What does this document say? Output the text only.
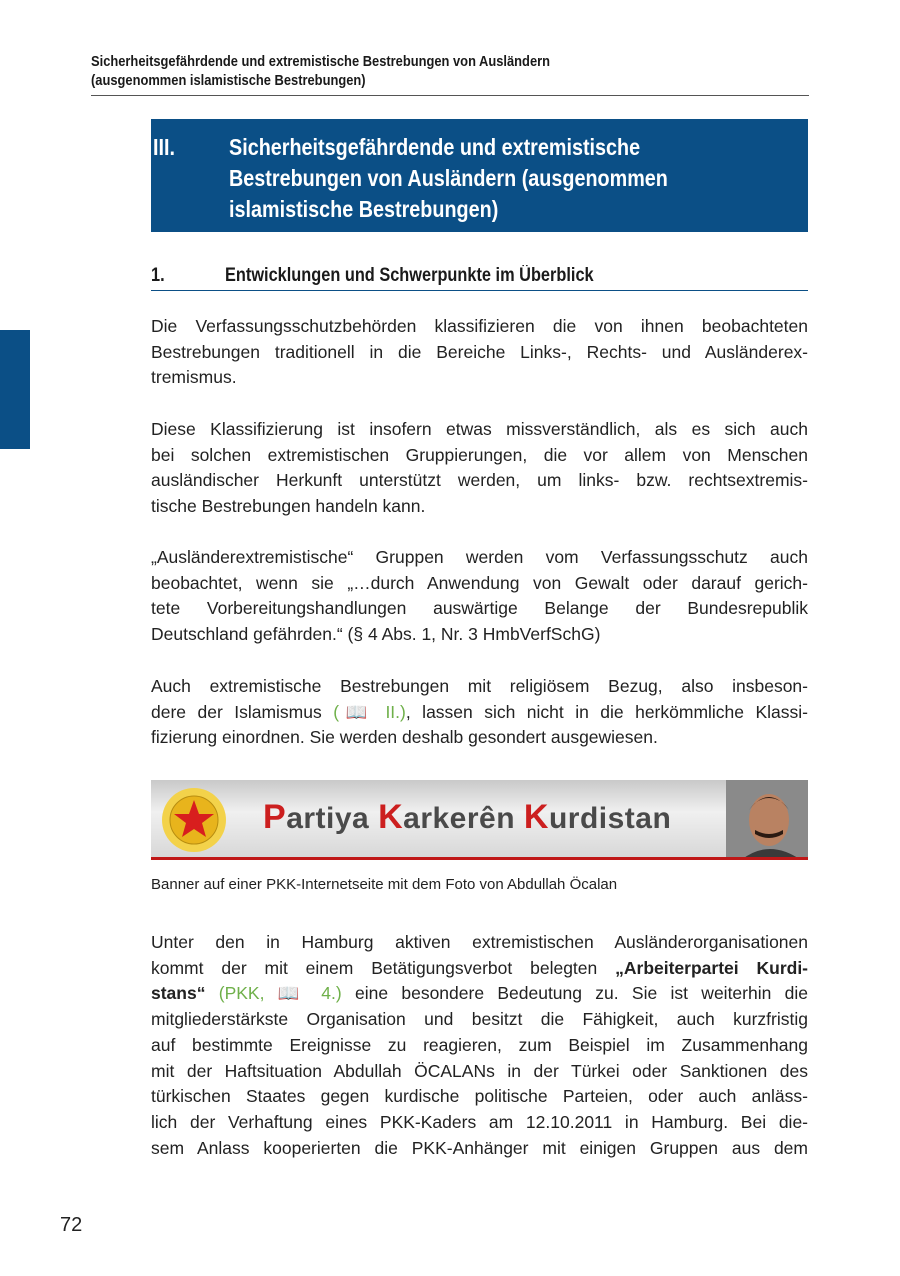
Sicherheitsgefährdende und extremistische Bestrebungen von Ausländern
(ausgenommen islamistische Bestrebungen)
III. Sicherheitsgefährdende und extremistische
Bestrebungen von Ausländern (ausgenommen
islamistische Bestrebungen)
1.	Entwicklungen und Schwerpunkte im Überblick
Die Verfassungsschutzbehörden klassifizieren die von ihnen beobachteten
Bestrebungen traditionell in die Bereiche Links-, Rechts- und Ausländerex-
tremismus.
Diese Klassifizierung ist insofern etwas missverständlich, als es sich auch
bei solchen extremistischen Gruppierungen, die vor allem von Menschen
ausländischer Herkunft unterstützt werden, um links- bzw. rechtsextremis-
tische Bestrebungen handeln kann.
„Ausländerextremistische“ Gruppen werden vom Verfassungsschutz auch
beobachtet, wenn sie „…durch Anwendung von Gewalt oder darauf gerich-
tete Vorbereitungshandlungen auswärtige Belange der Bundesrepublik
Deutschland gefährden.“ (§ 4 Abs. 1, Nr. 3 HmbVerfSchG)
Auch extremistische Bestrebungen mit religiösem Bezug, also insbeson-
dere der Islamismus (📖 II.), lassen sich nicht in die herkömmliche Klassi-
fizierung einordnen. Sie werden deshalb gesondert ausgewiesen.
Partiya Karkerên Kurdistan
Banner auf einer PKK-Internetseite mit dem Foto von Abdullah Öcalan
Unter den in Hamburg aktiven extremistischen Ausländerorganisationen
kommt der mit einem Betätigungsverbot belegten „Arbeiterpartei Kurdi-
stans“ (PKK, 📖 4.) eine besondere Bedeutung zu. Sie ist weiterhin die
mitgliederstärkste Organisation und besitzt die Fähigkeit, auch kurzfristig
auf bestimmte Ereignisse zu reagieren, zum Beispiel im Zusammenhang
mit der Haftsituation Abdullah ÖCALANs in der Türkei oder Sanktionen des
türkischen Staates gegen kurdische politische Parteien, oder auch anläss-
lich der Verhaftung eines PKK-Kaders am 12.10.2011 in Hamburg. Bei die-
sem Anlass kooperierten die PKK-Anhänger mit einigen Gruppen aus dem
72
